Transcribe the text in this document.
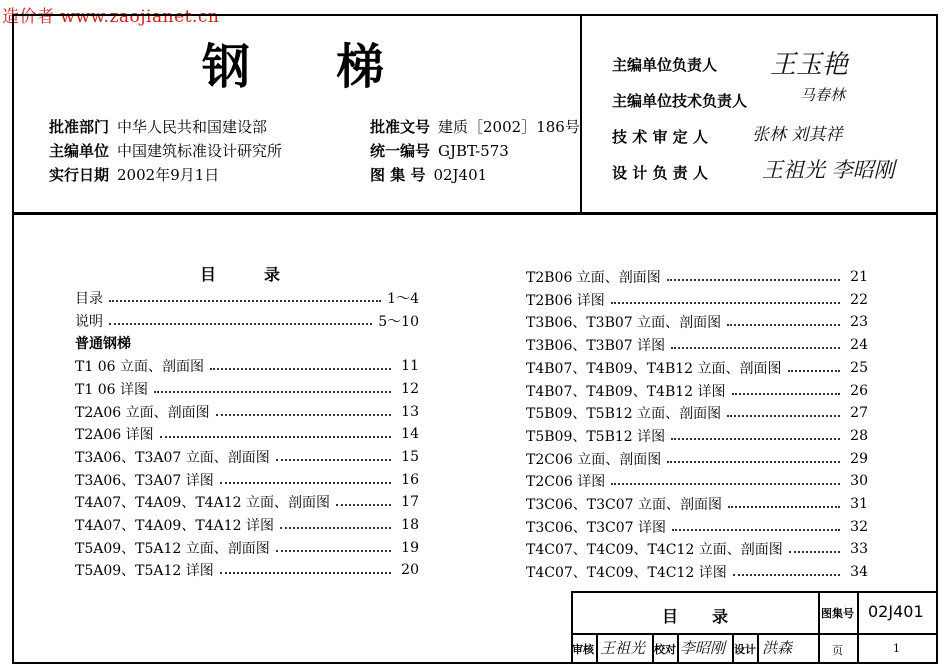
造价者 www.zaojianet.cn
钢 梯
批准部门 中华人民共和国建设部
主编单位 中国建筑标准设计研究所
实行日期 2002年9月1日
批准文号 建质［2002］186号
统一编号 GJBT-573
图 集 号 02J401
主编单位负责人 王玉艳
主编单位技术负责人	马春林
技 术 审 定 人	张林 刘其祥
设 计 负 责 人	王祖光 李昭刚
目	录
目录	1～4
说明	5～10
普通钢梯
T1 06 立面、剖面图	11
T1 06 详图	12
T2A06 立面、剖面图	13
T2A06 详图	14
T3A06、T3A07 立面、剖面图	15
T3A06、T3A07 详图	16
T4A07、T4A09、T4A12 立面、剖面图	17
T4A07、T4A09、T4A12 详图	18
T5A09、T5A12 立面、剖面图	19
T5A09、T5A12 详图	20
T2B06 立面、剖面图	21
T2B06 详图	22
T3B06、T3B07 立面、剖面图	23
T3B06、T3B07 详图	24
T4B07、T4B09、T4B12 立面、剖面图	25
T4B07、T4B09、T4B12 详图	26
T5B09、T5B12 立面、剖面图	27
T5B09、T5B12 详图	28
T2C06 立面、剖面图	29
T2C06 详图	30
T3C06、T3C07 立面、剖面图	31
T3C06、T3C07 详图	32
T4C07、T4C09、T4C12 立面、剖面图	33
T4C07、T4C09、T4C12 详图	34
目 录	图集号 02J401
审核 王祖光 校对 李昭刚 设计 洪森	页	1
